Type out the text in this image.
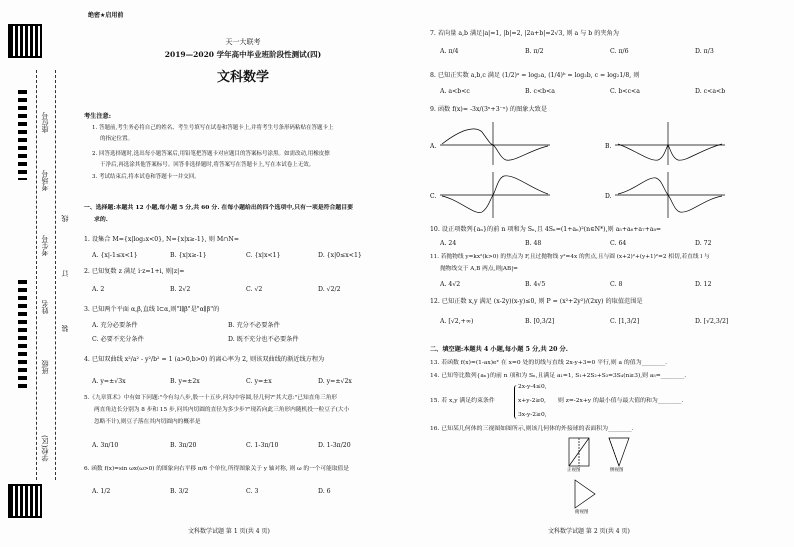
座位号
考场号
考生号
线
订
装
姓名
班级
学校(区)
绝密★启用前
天一大联考
2019—2020 学年高中毕业班阶段性测试(四)
文科数学
考生注意:
1. 答题前,考生务必将自己的姓名、考生号填写在试卷和答题卡上,并将考生号条形码粘贴在答题卡上
的指定位置。
2. 回答选择题时,选出每小题答案后,用铅笔把答题卡对应题目的答案标号涂黑。如需改动,用橡皮擦
干净后,再选涂其他答案标号。回答非选择题时,将答案写在答题卡上,写在本试卷上无效。
3. 考试结束后,将本试卷和答题卡一并交回。
一、选择题:本题共 12 小题,每小题 5 分,共 60 分. 在每小题给出的四个选项中,只有一项是符合题目要
求的.
1. 设集合 M={x|log₂x<0}, N={x|x≥-1}, 则 M∩N=
A. {x|-1≤x<1}	B. {x|x≥-1}	C. {x|x<1}	D. {x|0≤x<1}
2. 已知复数 z 满足 i·z=1+i, 则|z|=
A. 2	B. 2√2	C. √2	D. √2/2
3. 已知两个平面 α,β,直线 l⊂α,则"l∥β"是"α∥β"的
A. 充分必要条件	B. 充分不必要条件
C. 必要不充分条件	D. 既不充分也不必要条件
4. 已知双曲线 x²/a² - y²/b² = 1 (a>0,b>0) 的离心率为 2, 则该双曲线的渐近线方程为
A. y=±√3x	B. y=±2x	C. y=±x	D. y=±√2x
5.《九章算术》中有如下问题:"今有勾八步,股一十五步,问勾中容圆,径几何?"其大意:"已知直角三角形
两直角边长分别为 8 步和 15 步,问其内切圆的直径为多少步?"现若向此三角形内随机投一粒豆子(大小
忽略不计),则豆子落在其内切圆内的概率是
A. 3π/10	B. 3π/20	C. 1-3π/10	D. 1-3π/20
6. 函数 f(x)=sin ωx(ω>0) 的图象向右平移 π/6 个单位,所得图象关于 y 轴对称, 则 ω 的一个可能取值是
A. 1/2	B. 3/2	C. 3	D. 6
文科数学试题 第 1 页(共 4 页)
7. 若向量 a,b 满足|a|=1, |b|=2, |2a+b|=2√3, 则 a 与 b 的夹角为
A. π/4	B. π/2	C. π/6	D. π/3
8. 已知正实数 a,b,c 满足 (1/2)ᵃ = log₂a, (1/4)ᵇ = log₂b, c = log₂1/8, 则
A. a<b<c	B. c<b<a	C. b<c<a	D. c<a<b
9. 函数 f(x)= -3x/(3ˣ+3⁻ˣ) 的图象大致是
A.	B.
C.	D.
10. 设正项数列{aₙ}的前 n 项和为 Sₙ,且 4Sₙ=(1+aₙ)²(n∈N*),则 a₅+a₆+a₇+a₈=
A. 24	B. 48	C. 64	D. 72
11. 若抛物线 y=kx²(k>0) 的焦点为 F,且过抛物线 y²=4x 的焦点,且与圆 (x+2)²+(y+1)²=2 相切,若直线 l 与
抛物线交于 A,B 两点,则|AB|=
A. 4√2	B. 4√5	C. 8	D. 12
12. 已知正数 x,y 满足 (x-2y)(x-y)≤0, 则 P = (x²+2y²)/(2xy) 的取值范围是
A. [√2,+∞)	B. [0,3/2]	C. [1,3/2]	D. [√2,3/2]
二、填空题:本题共 4 小题,每小题 5 分,共 20 分.
13. 若函数 f(x)=(1-ax)eˣ 在 x=0 处的切线与直线 2x-y+3=0 平行,则 a 的值为________.
14. 已知等比数列{aₙ}的前 n 项和为 Sₙ,且满足 a₁=1, S₁+2S₂+S₃=3S₄(n≥3),则 a₅=________.
15. 若 x,y 满足约束条件
2x-y-4≤0,
x+y-2≥0,
3x-y-2≥0,
则 z=-2x+y 的最小值与最大值的和为________.
16. 已知某几何体的三视图如图所示,则该几何体的外接球的表面积为________.
正视图	侧视图
俯视图
文科数学试题 第 2 页(共 4 页)
